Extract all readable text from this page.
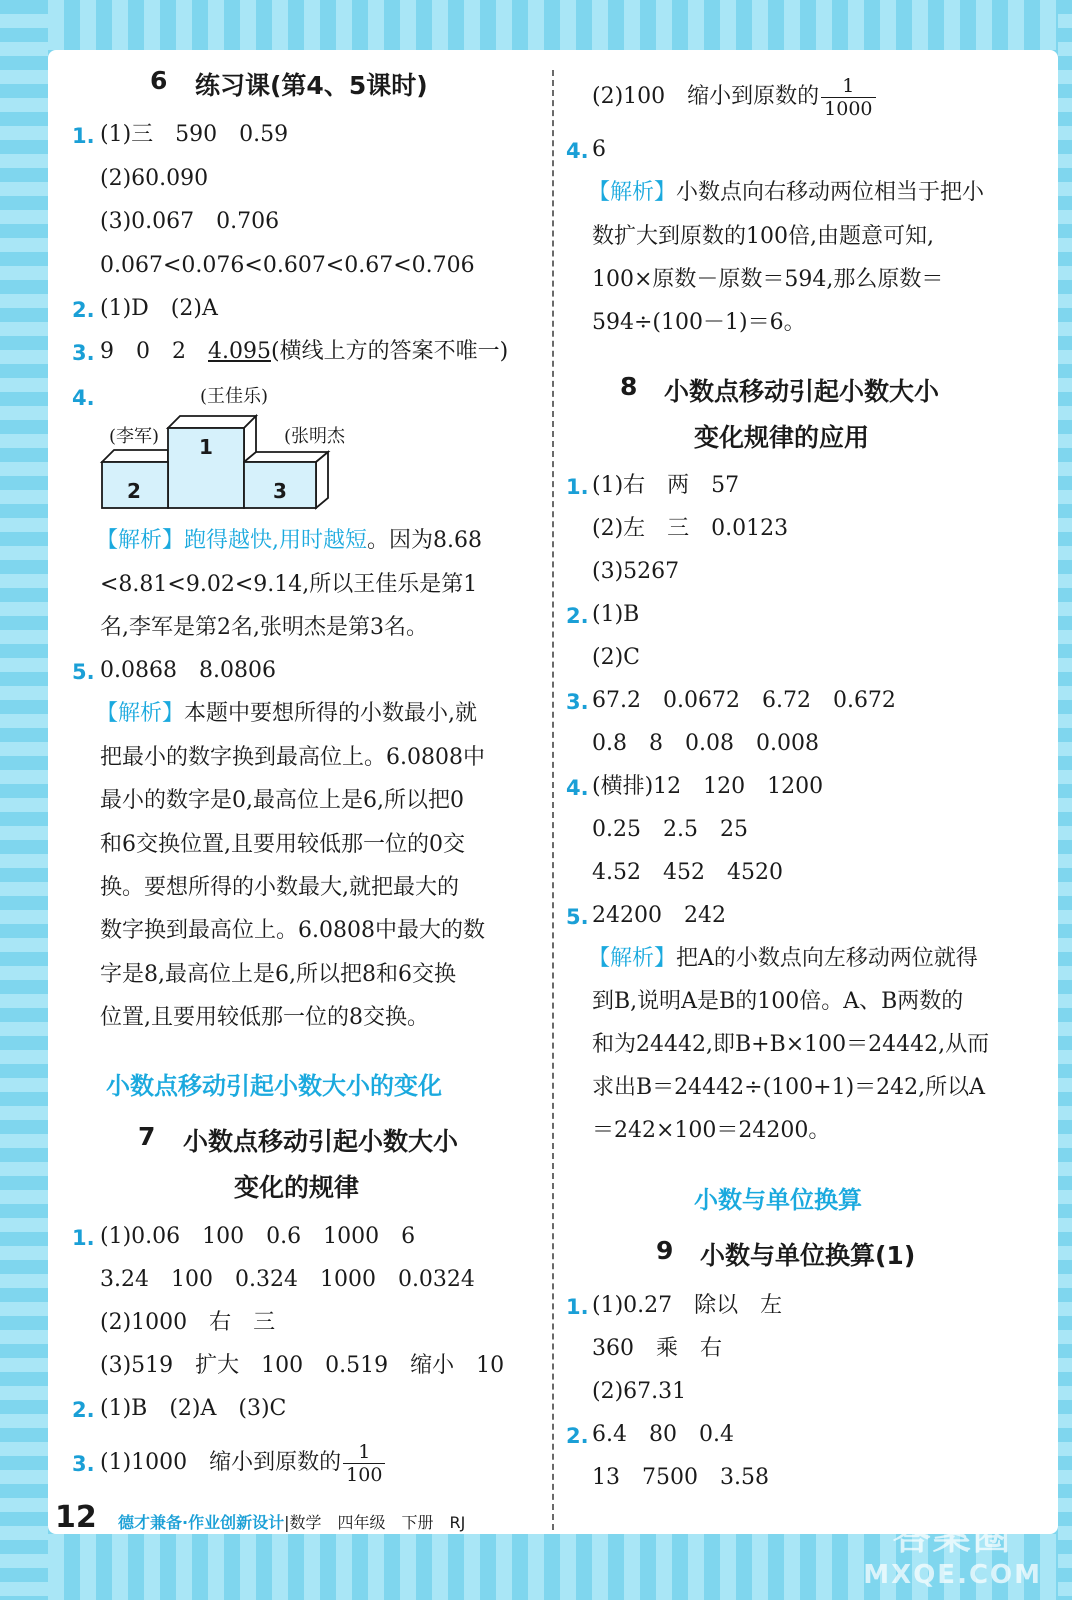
6 练习课(第4、5课时)
1. (1)三　590　0.59
(2)60.090
(3)0.067　0.706
0.067<0.076<0.607<0.67<0.706
2. (1)D　(2)A
3. 9　0　2　4.095(横线上方的答案不唯一)
4.
1
2	3
(王佳乐)
(李军)	(张明杰)
【解析】跑得越快,用时越短。因为8.68
<8.81<9.02<9.14,所以王佳乐是第1
名,李军是第2名,张明杰是第3名。
5. 0.0868　8.0806
【解析】本题中要想所得的小数最小,就
把最小的数字换到最高位上。6.0808中
最小的数字是0,最高位上是6,所以把0
和6交换位置,且要用较低那一位的0交
换。要想所得的小数最大,就把最大的
数字换到最高位上。6.0808中最大的数
字是8,最高位上是6,所以把8和6交换
位置,且要用较低那一位的8交换。
小数点移动引起小数大小的变化
7 小数点移动引起小数大小
变化的规律
1. (1)0.06　100　0.6　1000　6
3.24　100　0.324　1000　0.0324
(2)1000　右　三
(3)519　扩大　100　0.519　缩小　10
2. (1)B　(2)A　(3)C
3. (1)1000　缩小到原数的 $\frac{1}{100}$
(2)100　缩小到原数的 $\frac{1}{1000}$
4. 6
【解析】小数点向右移动两位相当于把小
数扩大到原数的100倍,由题意可知,
100×原数－原数＝594,那么原数＝
594÷(100－1)＝6。
8 小数点移动引起小数大小
变化规律的应用
1. (1)右　两　57
(2)左　三　0.0123
(3)5267
2. (1)B
(2)C
3. 67.2　0.0672　6.72　0.672
0.8　8　0.08　0.008
4. (横排)12　120　1200
0.25　2.5　25
4.52　452　4520
5. 24200　242
【解析】把A的小数点向左移动两位就得
到B,说明A是B的100倍。A、B两数的
和为24442,即B+B×100＝24442,从而
求出B＝24442÷(100+1)＝242,所以A
＝242×100＝24200。
小数与单位换算
9 小数与单位换算(1)
1. (1)0.27　除以　左
360　乘　右
(2)67.31
2. 6.4　80　0.4
13　7500　3.58
12 德才兼备·作业创新设计|数学　四年级　下册　RJ	答案圈
MXQE.COM
